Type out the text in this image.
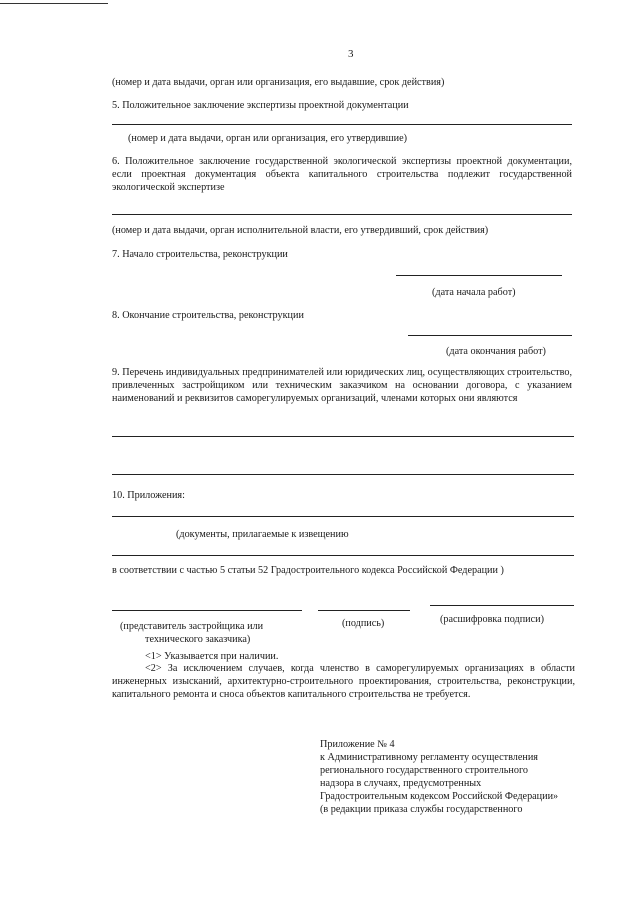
3
(номер и дата выдачи, орган или организация, его выдавшие, срок действия)
5. Положительное заключение экспертизы проектной документации
(номер и дата выдачи, орган или организация, его утвердившие)
6. Положительное заключение государственной экологической экспертизы проектной документации, если проектная документация объекта капитального строительства подлежит государственной экологической экспертизе
(номер и дата выдачи, орган исполнительной власти, его утвердивший, срок действия)
7. Начало строительства, реконструкции
(дата начала работ)
8. Окончание строительства, реконструкции
(дата окончания работ)
9. Перечень индивидуальных предпринимателей или юридических лиц, осуществляющих строительство, привлеченных застройщиком или техническим заказчиком на основании договора, с указанием наименований и реквизитов саморегулируемых организаций, членами которых они являются
10. Приложения:
(документы, прилагаемые к извещению
в соответствии с частью 5 статьи 52 Градостроительного кодекса Российской Федерации )
(представитель застройщика или
технического заказчика)
(подпись)	(расшифровка подписи)
<1> Указывается при наличии.
<2> За исключением случаев, когда членство в саморегулируемых организациях в области инженерных изысканий, архитектурно-строительного проектирования, строительства, реконструкции, капитального ремонта и сноса объектов капитального строительства не требуется.
Приложение № 4
к Административному регламенту осуществления
регионального государственного строительного
надзора в случаях, предусмотренных
Градостроительным кодексом Российской Федерации»
(в редакции приказа службы государственного
